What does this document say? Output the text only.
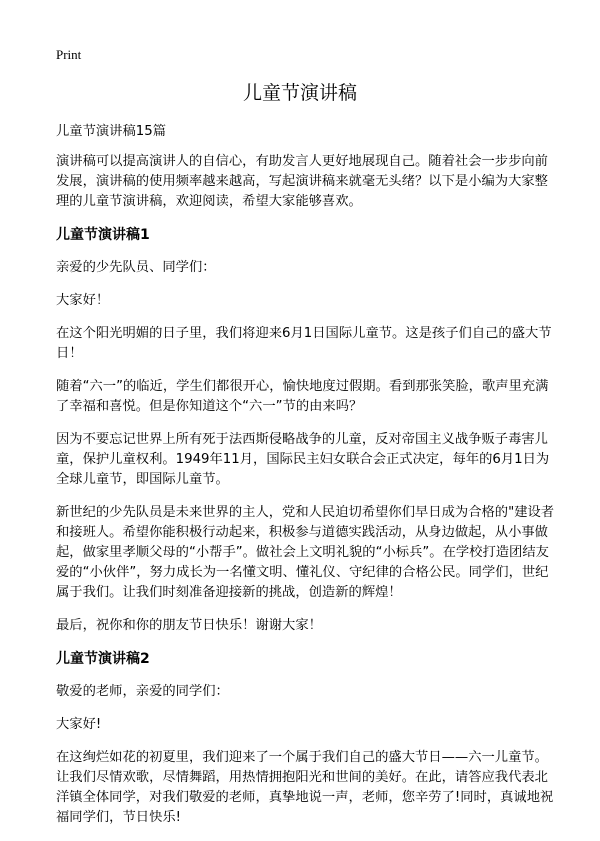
Print
儿童节演讲稿

儿童节演讲稿15篇

演讲稿可以提高演讲人的自信心，有助发言人更好地展现自己。随着社会一步步向前发展，演讲稿的使用频率越来越高，写起演讲稿来就毫无头绪？以下是小编为大家整理的儿童节演讲稿，欢迎阅读，希望大家能够喜欢。

儿童节演讲稿1

亲爱的少先队员、同学们：

大家好！

在这个阳光明媚的日子里，我们将迎来6月1日国际儿童节。这是孩子们自己的盛大节日！

随着“六一”的临近，学生们都很开心，愉快地度过假期。看到那张笑脸，歌声里充满了幸福和喜悦。但是你知道这个“六一”节的由来吗？

因为不要忘记世界上所有死于法西斯侵略战争的儿童，反对帝国主义战争贩子毒害儿童，保护儿童权利。1949年11月，国际民主妇女联合会正式决定，每年的6月1日为全球儿童节，即国际儿童节。

新世纪的少先队员是未来世界的主人，党和人民迫切希望你们早日成为合格的"建设者和接班人。希望你能积极行动起来，积极参与道德实践活动，从身边做起，从小事做起，做家里孝顺父母的“小帮手”。做社会上文明礼貌的“小标兵”。在学校打造团结友爱的“小伙伴”，努力成长为一名懂文明、懂礼仪、守纪律的合格公民。同学们，世纪属于我们。让我们时刻准备迎接新的挑战，创造新的辉煌！

最后，祝你和你的朋友节日快乐！谢谢大家！

儿童节演讲稿2

敬爱的老师，亲爱的同学们：

大家好!

在这绚烂如花的初夏里，我们迎来了一个属于我们自己的盛大节日——六一儿童节。让我们尽情欢歌，尽情舞蹈，用热情拥抱阳光和世间的美好。在此，请答应我代表北洋镇全体同学，对我们敬爱的老师，真挚地说一声，老师，您辛劳了!同时，真诚地祝福同学们，节日快乐!
